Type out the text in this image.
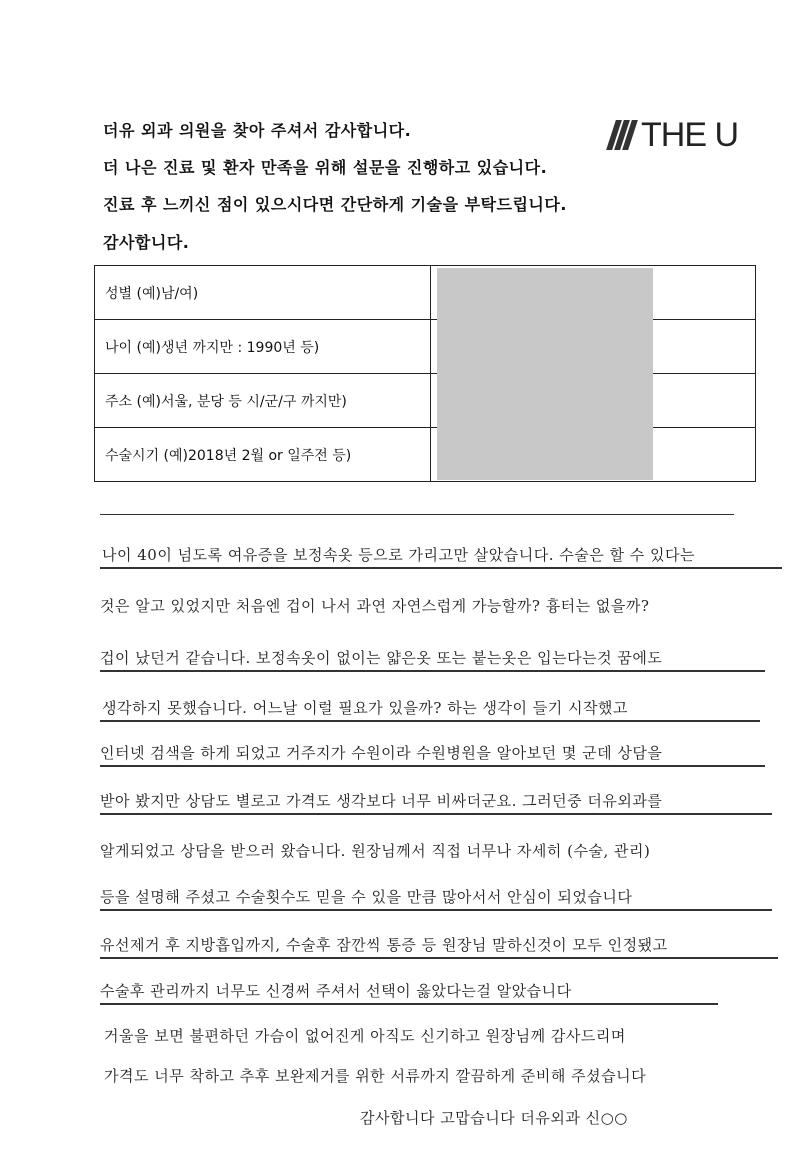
더유 외과 의원을 찾아 주셔서 감사합니다.
더 나은 진료 및 환자 만족을 위해 설문을 진행하고 있습니다.
진료 후 느끼신 점이 있으시다면 간단하게 기술을 부탁드립니다.
감사합니다.
THE U
성별 (예)남/여)	
나이 (예)생년 까지만 : 1990년 등)	
주소 (예)서울, 분당 등 시/군/구 까지만)	
수술시기 (예)2018년 2월 or 일주전 등)	
나이 40이 넘도록 여유증을 보정속옷 등으로 가리고만 살았습니다. 수술은 할 수 있다는
것은 알고 있었지만 처음엔 겁이 나서 과연 자연스럽게 가능할까? 흉터는 없을까?
겁이 났던거 같습니다. 보정속옷이 없이는 얇은옷 또는 붙는옷은 입는다는것 꿈에도
생각하지 못했습니다. 어느날 이럴 필요가 있을까? 하는 생각이 들기 시작했고
인터넷 검색을 하게 되었고 거주지가 수원이라 수원병원을 알아보던 몇 군데 상담을
받아 봤지만 상담도 별로고 가격도 생각보다 너무 비싸더군요. 그러던중 더유외과를
알게되었고 상담을 받으러 왔습니다. 원장님께서 직접 너무나 자세히 (수술, 관리)
등을 설명해 주셨고 수술횟수도 믿을 수 있을 만큼 많아서서 안심이 되었습니다
유선제거 후 지방흡입까지, 수술후 잠깐씩 통증 등 원장님 말하신것이 모두 인정됐고
수술후 관리까지 너무도 신경써 주셔서 선택이 옳았다는걸 알았습니다
거울을 보면 불편하던 가슴이 없어진게 아직도 신기하고 원장님께 감사드리며
가격도 너무 착하고 추후 보완제거를 위한 서류까지 깔끔하게 준비해 주셨습니다
감사합니다 고맙습니다 더유외과 신○○
